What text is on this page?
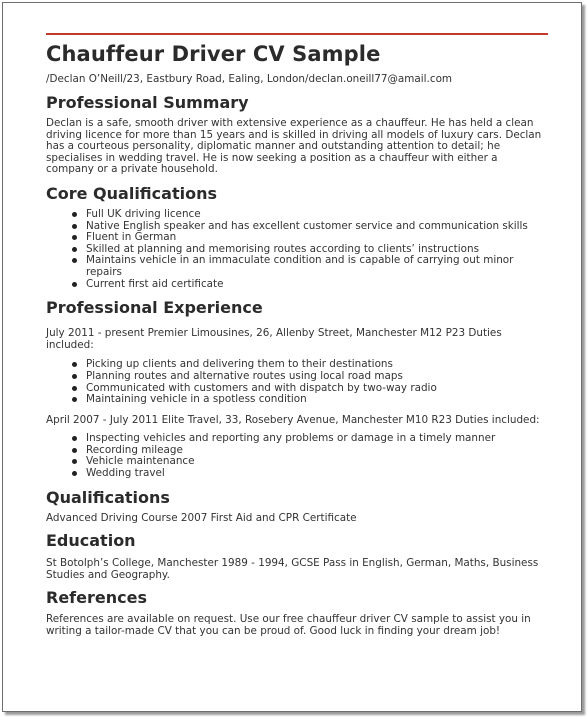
Chauffeur Driver CV Sample
/Declan O’Neill/23, Eastbury Road, Ealing, London/declan.oneill77@amail.com
Professional Summary

Declan is a safe, smooth driver with extensive experience as a chauffeur. He has held a clean driving licence for more than 15 years and is skilled in driving all models of luxury cars. Declan has a courteous personality, diplomatic manner and outstanding attention to detail; he specialises in wedding travel. He is now seeking a position as a chauffeur with either a company or a private household.

Core Qualifications
Full UK driving licence
Native English speaker and has excellent customer service and communication skills
Fluent in German
Skilled at planning and memorising routes according to clients’ instructions
Maintains vehicle in an immaculate condition and is capable of carrying out minor repairs
Current first aid certificate
Professional Experience

July 2011 - present Premier Limousines, 26, Allenby Street, Manchester M12 P23 Duties included:

Picking up clients and delivering them to their destinations
Planning routes and alternative routes using local road maps
Communicated with customers and with dispatch by two-way radio
Maintaining vehicle in a spotless condition

April 2007 - July 2011 Elite Travel, 33, Rosebery Avenue, Manchester M10 R23 Duties included:

Inspecting vehicles and reporting any problems or damage in a timely manner
Recording mileage
Vehicle maintenance
Wedding travel
Qualifications

Advanced Driving Course 2007 First Aid and CPR Certificate

Education

St Botolph’s College, Manchester 1989 - 1994, GCSE Pass in English, German, Maths, Business Studies and Geography.

References

References are available on request. Use our free chauffeur driver CV sample to assist you in writing a tailor-made CV that you can be proud of. Good luck in finding your dream job!
